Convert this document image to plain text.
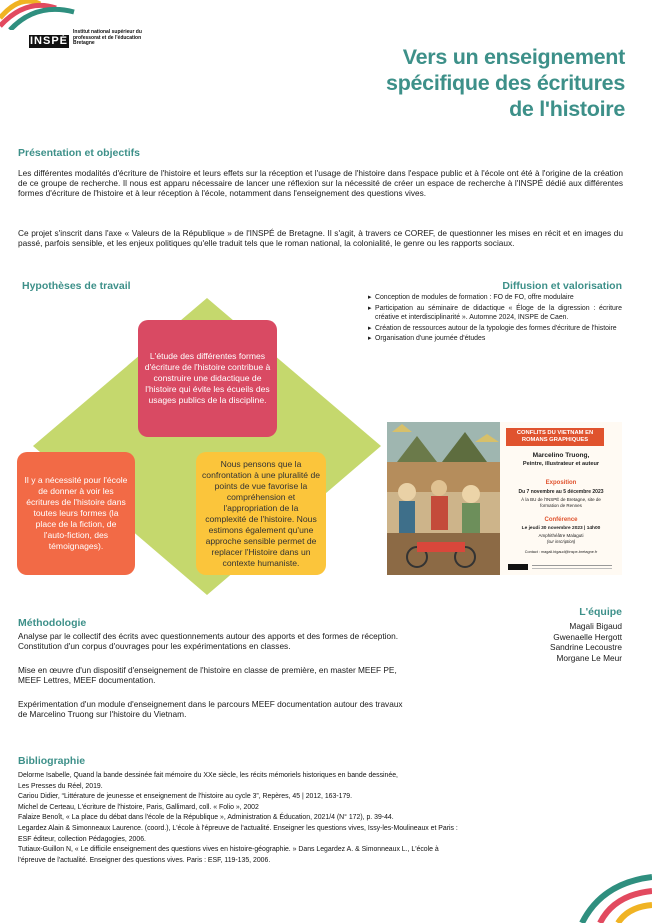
INSPÉ
Institut national supérieur du professorat et de l'éducation Bretagne
Vers un enseignement
spécifique des écritures
de l'histoire
Présentation et objectifs
Les différentes modalités d'écriture de l'histoire et leurs effets sur la réception et l'usage de l'histoire dans l'espace public et à l'école ont été à l'origine de la création de ce groupe de recherche. Il nous est apparu nécessaire de lancer une réflexion sur la nécessité de créer un espace de recherche à l'INSPÉ dédié aux différentes formes d'écriture de l'histoire et à leur réception à l'école, notamment dans l'enseignement des questions vives.
Ce projet s'inscrit dans l'axe « Valeurs de la République » de l'INSPÉ de Bretagne. Il s'agit, à travers ce COREF, de questionner les mises en récit et en images du passé, parfois sensible, et les enjeux politiques qu'elle traduit tels que le roman national, la colonialité, le genre ou les rapports sociaux.
Hypothèses de travail
L'étude des différentes formes d'écriture de l'histoire contribue à construire une didactique de l'histoire qui évite les écueils des usages publics de la discipline.
Il y a nécessité pour l'école de donner à voir les écritures de l'histoire dans toutes leurs formes (la place de la fiction, de l'auto-fiction, des témoignages).
Nous pensons que la confrontation à une pluralité de points de vue favorise la compréhension et l'appropriation de la complexité de l'histoire. Nous estimons également qu'une approche sensible permet de replacer l'Histoire dans un contexte humaniste.
Diffusion et valorisation
▸ Conception de modules de formation : FO de FO, offre modulaire
▸ Participation au séminaire de didactique « Éloge de la digression : écriture créative et interdisciplinarité ». Automne 2024, INSPE de Caen.
▸ Création de ressources autour de la typologie des formes d'écriture de l'histoire
▸ Organisation d'une journée d'études
CONFLITS DU VIETNAM EN ROMANS GRAPHIQUES
Marcelino Truong,
Peintre, illustrateur et auteur
Exposition
Du 7 novembre au 5 décembre 2023
À la BU de l'INSPÉ de Bretagne, site de formation de Rennes
Conférence
Le jeudi 30 novembre 2023 | 14h00
Amphithéâtre Malaguti
(sur inscription)
Contact : magali.bigaud@inspe-bretagne.fr
Méthodologie
Analyse par le collectif des écrits avec questionnements autour des apports et des formes de réception. Constitution d'un corpus d'ouvrages pour les expérimentations en classes.
Mise en œuvre d'un dispositif d'enseignement de l'histoire en classe de première, en master MEEF PE, MEEF Lettres, MEEF documentation.
Expérimentation d'un module d'enseignement dans le parcours MEEF documentation autour des travaux de Marcelino Truong sur l'histoire du Vietnam.
L'équipe
Magali Bigaud
Gwenaelle Hergott
Sandrine Lecoustre
Morgane Le Meur
Bibliographie
Delorme Isabelle, Quand la bande dessinée fait mémoire du XXe siècle, les récits mémoriels historiques en bande dessinée,
Les Presses du Réel, 2019.
Cariou Didier, “Littérature de jeunesse et enseignement de l'histoire au cycle 3”, Repères, 45 | 2012, 163-179.
Michel de Certeau, L'écriture de l'histoire, Paris, Gallimard, coll. « Folio », 2002
Falaize Benoît, « La place du débat dans l'école de la République », Administration & Éducation, 2021/4 (N° 172), p. 39-44.
Legardez Alain & Simonneaux Laurence. (coord.), L'école à l'épreuve de l'actualité. Enseigner les questions vives, Issy-les-Moulineaux et Paris :
ESF éditeur, collection Pédagogies, 2006.
Tutiaux-Guillon N, « Le difficile enseignement des questions vives en histoire-géographie. » Dans Legardez A. & Simonneaux L., L'école à
l'épreuve de l'actualité. Enseigner des questions vives. Paris : ESF, 119-135, 2006.
